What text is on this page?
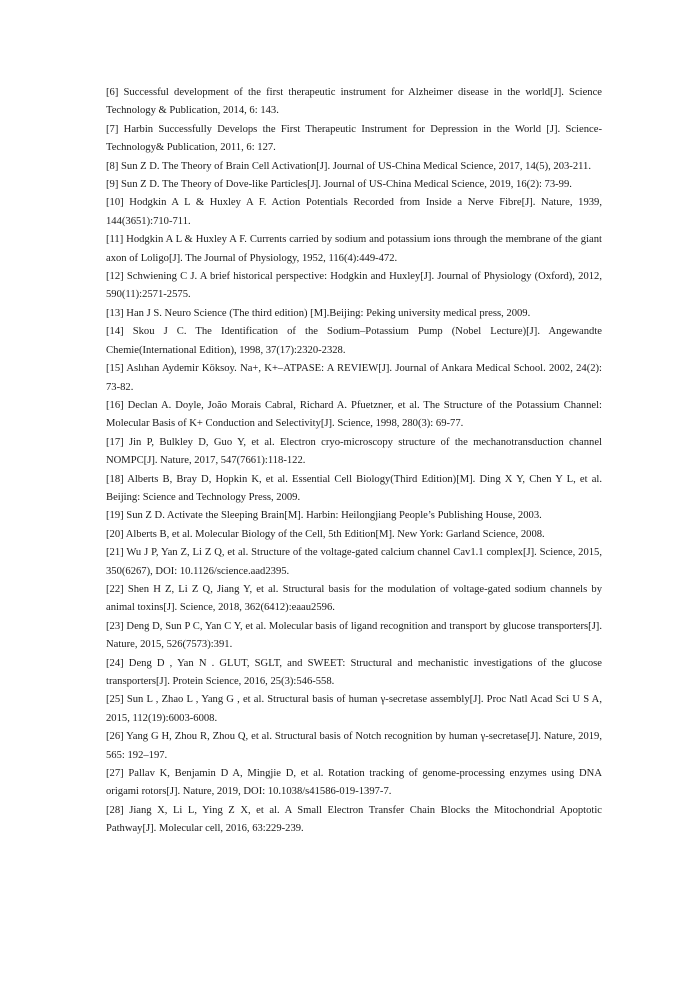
[6] Successful development of the first therapeutic instrument for Alzheimer disease in the world[J]. Science Technology & Publication, 2014, 6: 143.
[7] Harbin Successfully Develops the First Therapeutic Instrument for Depression in the World [J]. Science-Technology& Publication, 2011, 6: 127.
[8] Sun Z D. The Theory of Brain Cell Activation[J]. Journal of US-China Medical Science, 2017, 14(5), 203-211.
[9] Sun Z D. The Theory of Dove-like Particles[J]. Journal of US-China Medical Science, 2019, 16(2): 73-99.
[10] Hodgkin A L & Huxley A F. Action Potentials Recorded from Inside a Nerve Fibre[J]. Nature, 1939, 144(3651):710-711.
[11] Hodgkin A L & Huxley A F. Currents carried by sodium and potassium ions through the membrane of the giant axon of Loligo[J]. The Journal of Physiology, 1952, 116(4):449-472.
[12] Schwiening C J. A brief historical perspective: Hodgkin and Huxley[J]. Journal of Physiology (Oxford), 2012, 590(11):2571-2575.
[13] Han J S. Neuro Science (The third edition) [M].Beijing: Peking university medical press, 2009.
[14] Skou J C. The Identification of the Sodium–Potassium Pump (Nobel Lecture)[J]. Angewandte Chemie(International Edition), 1998, 37(17):2320-2328.
[15] Aslıhan Aydemir Köksoy. Na+, K+–ATPASE: A REVIEW[J]. Journal of Ankara Medical School. 2002, 24(2): 73-82.
[16] Declan A. Doyle, João Morais Cabral, Richard A. Pfuetzner, et al. The Structure of the Potassium Channel: Molecular Basis of K+ Conduction and Selectivity[J]. Science, 1998, 280(3): 69-77.
[17] Jin P, Bulkley D, Guo Y, et al. Electron cryo-microscopy structure of the mechanotransduction channel NOMPC[J]. Nature, 2017, 547(7661):118-122.
[18] Alberts B, Bray D, Hopkin K, et al. Essential Cell Biology(Third Edition)[M]. Ding X Y, Chen Y L, et al. Beijing: Science and Technology Press, 2009.
[19] Sun Z D. Activate the Sleeping Brain[M]. Harbin: Heilongjiang People’s Publishing House, 2003.
[20] Alberts B, et al. Molecular Biology of the Cell, 5th Edition[M]. New York: Garland Science, 2008.
[21] Wu J P, Yan Z, Li Z Q, et al. Structure of the voltage-gated calcium channel Cav1.1 complex[J]. Science, 2015, 350(6267), DOI: 10.1126/science.aad2395.
[22] Shen H Z, Li Z Q, Jiang Y, et al. Structural basis for the modulation of voltage-gated sodium channels by animal toxins[J]. Science, 2018, 362(6412):eaau2596.
[23] Deng D, Sun P C, Yan C Y, et al. Molecular basis of ligand recognition and transport by glucose transporters[J]. Nature, 2015, 526(7573):391.
[24] Deng D , Yan N . GLUT, SGLT, and SWEET: Structural and mechanistic investigations of the glucose transporters[J]. Protein Science, 2016, 25(3):546-558.
[25] Sun L , Zhao L , Yang G , et al. Structural basis of human γ-secretase assembly[J]. Proc Natl Acad Sci U S A, 2015, 112(19):6003-6008.
[26] Yang G H, Zhou R, Zhou Q, et al. Structural basis of Notch recognition by human γ-secretase[J]. Nature, 2019, 565: 192–197.
[27] Pallav K, Benjamin D A, Mingjie D, et al. Rotation tracking of genome-processing enzymes using DNA origami rotors[J]. Nature, 2019, DOI: 10.1038/s41586-019-1397-7.
[28] Jiang X, Li L, Ying Z X, et al. A Small Electron Transfer Chain Blocks the Mitochondrial Apoptotic Pathway[J]. Molecular cell, 2016, 63:229-239.
